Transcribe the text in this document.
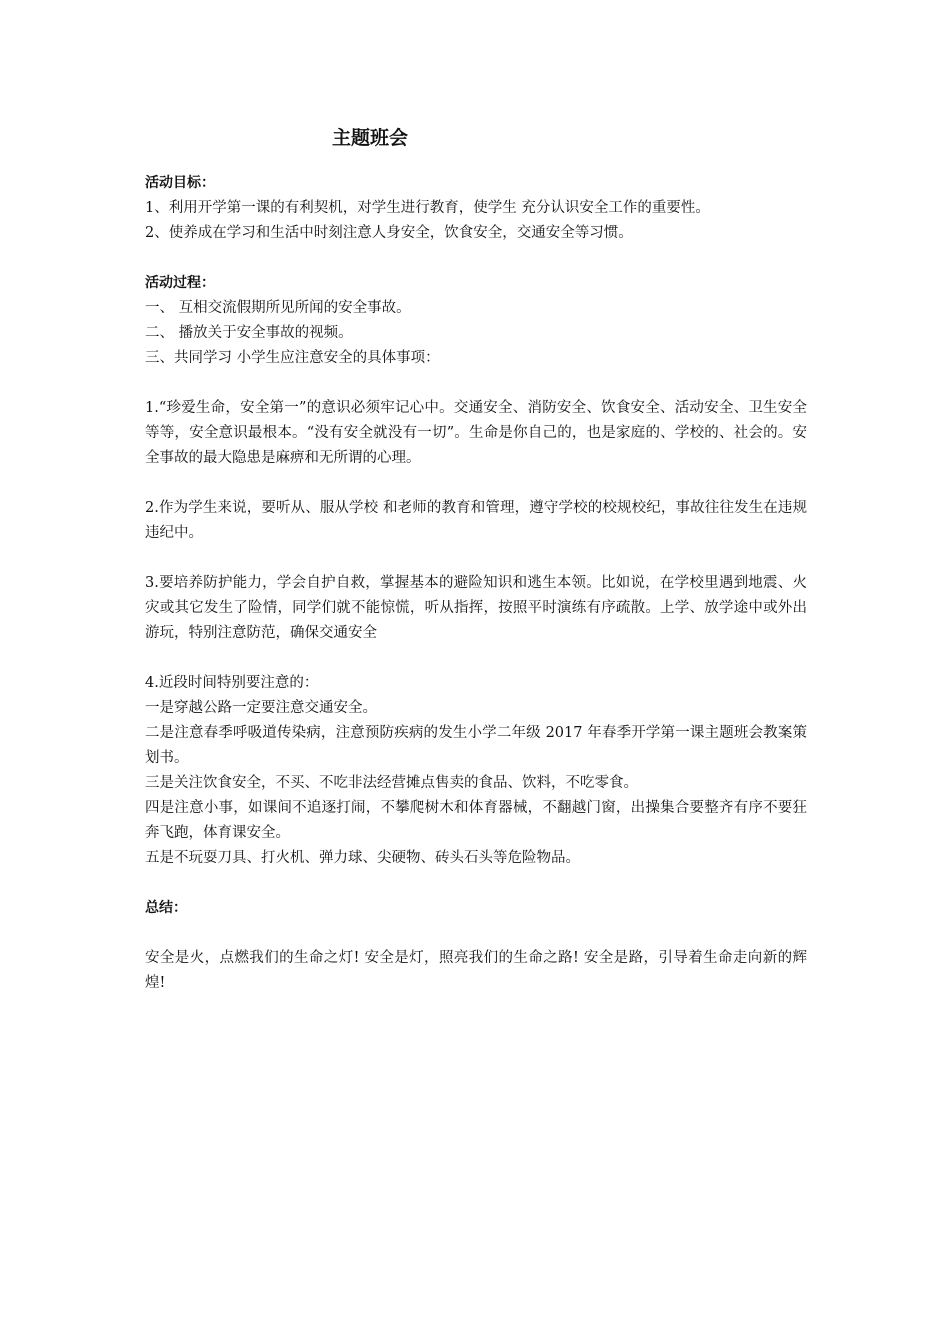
主题班会
活动目标：
1、利用开学第一课的有利契机，对学生进行教育，使学生 充分认识安全工作的重要性。
2、使养成在学习和生活中时刻注意人身安全，饮食安全，交通安全等习惯。
活动过程：
一、 互相交流假期所见所闻的安全事故。
二、 播放关于安全事故的视频。
三、共同学习 小学生应注意安全的具体事项：

1.“珍爱生命，安全第一”的意识必须牢记心中。交通安全、消防安全、饮食安全、活动安全、卫生安全等等，安全意识最根本。“没有安全就没有一切”。生命是你自己的，也是家庭的、学校的、社会的。安全事故的最大隐患是麻痹和无所谓的心理。

2.作为学生来说，要听从、服从学校 和老师的教育和管理，遵守学校的校规校纪，事故往往发生在违规违纪中。

3.要培养防护能力，学会自护自救，掌握基本的避险知识和逃生本领。比如说，在学校里遇到地震、火灾或其它发生了险情，同学们就不能惊慌，听从指挥，按照平时演练有序疏散。上学、放学途中或外出游玩，特别注意防范，确保交通安全

4.近段时间特别要注意的：

一是穿越公路一定要注意交通安全。

二是注意春季呼吸道传染病，注意预防疾病的发生小学二年级 2017 年春季开学第一课主题班会教案策划书。

三是关注饮食安全，不买、不吃非法经营摊点售卖的食品、饮料，不吃零食。

四是注意小事，如课间不追逐打闹，不攀爬树木和体育器械，不翻越门窗，出操集合要整齐有序不要狂奔飞跑，体育课安全。

五是不玩耍刀具、打火机、弹力球、尖硬物、砖头石头等危险物品。

总结：

安全是火，点燃我们的生命之灯! 安全是灯，照亮我们的生命之路! 安全是路，引导着生命走向新的辉煌!
